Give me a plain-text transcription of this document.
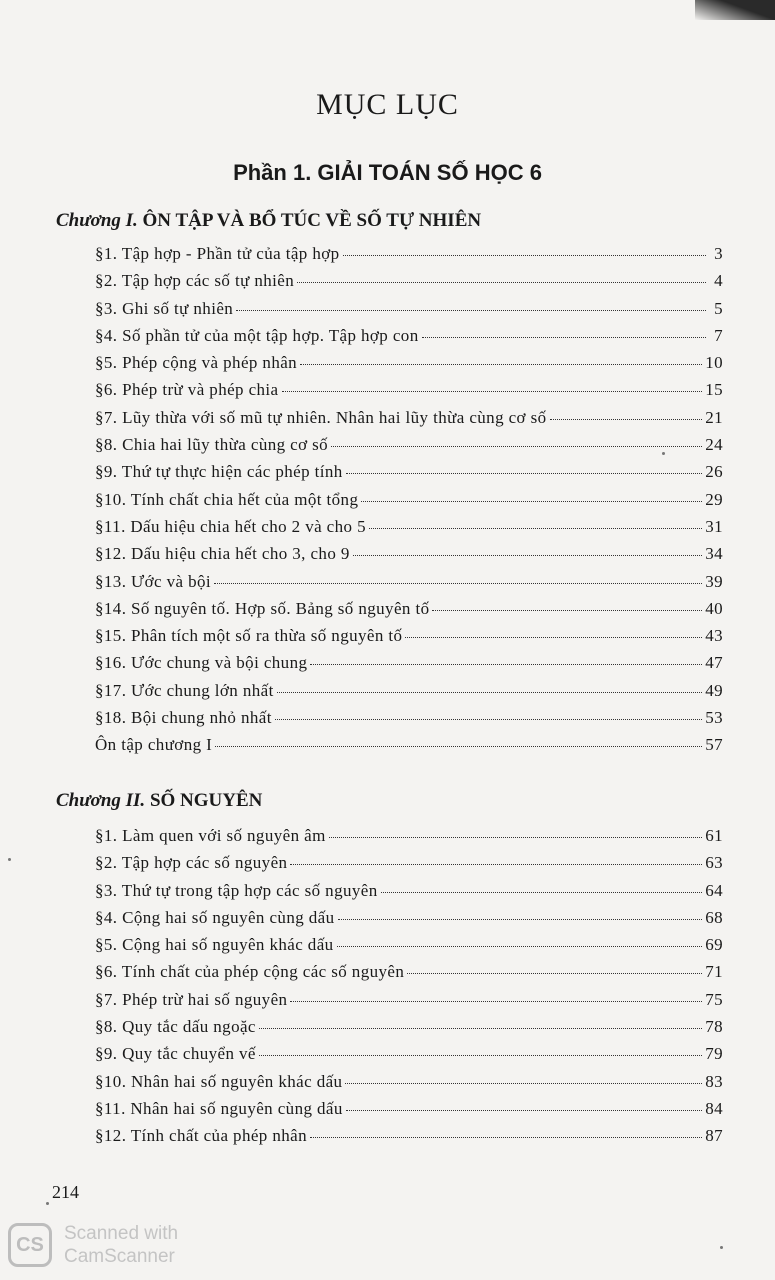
MỤC LỤC
Phần 1. GIẢI TOÁN SỐ HỌC 6
Chương I. ÔN TẬP VÀ BỔ TÚC VỀ SỐ TỰ NHIÊN
§1. Tập hợp - Phần tử của tập hợp	3
§2. Tập hợp các số tự nhiên	4
§3. Ghi số tự nhiên	5
§4. Số phần tử của một tập hợp. Tập hợp con	7
§5. Phép cộng và phép nhân	10
§6. Phép trừ và phép chia	15
§7. Lũy thừa với số mũ tự nhiên. Nhân hai lũy thừa cùng cơ số	21
§8. Chia hai lũy thừa cùng cơ số	24
§9. Thứ tự thực hiện các phép tính	26
§10. Tính chất chia hết của một tổng	29
§11. Dấu hiệu chia hết cho 2 và cho 5	31
§12. Dấu hiệu chia hết cho 3, cho 9	34
§13. Ước và bội	39
§14. Số nguyên tố. Hợp số. Bảng số nguyên tố	40
§15. Phân tích một số ra thừa số nguyên tố	43
§16. Ước chung và bội chung	47
§17. Ước chung lớn nhất	49
§18. Bội chung nhỏ nhất	53
Ôn tập chương I	57
Chương II. SỐ NGUYÊN
§1. Làm quen với số nguyên âm	61
§2. Tập hợp các số nguyên	63
§3. Thứ tự trong tập hợp các số nguyên	64
§4. Cộng hai số nguyên cùng dấu	68
§5. Cộng hai số nguyên khác dấu	69
§6. Tính chất của phép cộng các số nguyên	71
§7. Phép trừ hai số nguyên	75
§8. Quy tắc dấu ngoặc	78
§9. Quy tắc chuyển vế	79
§10. Nhân hai số nguyên khác dấu	83
§11. Nhân hai số nguyên cùng dấu	84
§12. Tính chất của phép nhân	87
214
CS	Scanned with
CamScanner
